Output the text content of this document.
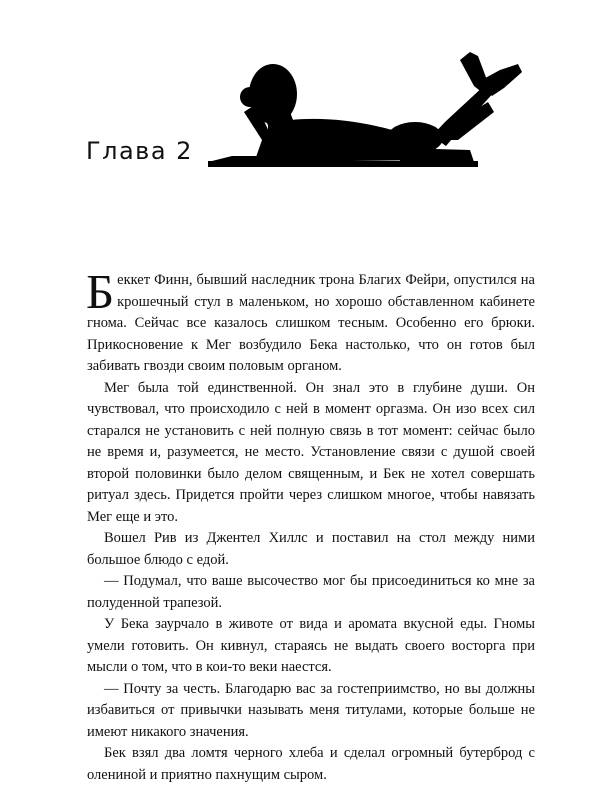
Глава 2

Беккет Финн, бывший наследник трона Благих Фейри, опустился на крошечный стул в маленьком, но хорошо обставленном кабинете гнома. Сейчас все казалось слишком тесным. Особенно его брюки. Прикосновение к Мег возбудило Бека настолько, что он готов был забивать гвозди своим половым органом.

Мег была той единственной. Он знал это в глубине души. Он чувствовал, что происходило с ней в момент оргазма. Он изо всех сил старался не установить с ней полную связь в тот момент: сейчас было не время и, разумеется, не место. Установление связи с душой своей второй половинки было делом священным, и Бек не хотел совершать ритуал здесь. Придется пройти через слишком многое, чтобы навязать Мег еще и это.

Вошел Рив из Джентел Хиллс и поставил на стол между ними большое блюдо с едой.

— Подумал, что ваше высочество мог бы присоединиться ко мне за полуденной трапезой.

У Бека заурчало в животе от вида и аромата вкусной еды. Гномы умели готовить. Он кивнул, стараясь не выдать своего восторга при мысли о том, что в кои-то веки наестся.

— Почту за честь. Благодарю вас за гостеприимство, но вы должны избавиться от привычки называть меня титулами, которые больше не имеют никакого значения.

Бек взял два ломтя черного хлеба и сделал огромный бутерброд с олениной и приятно пахнущим сыром.
